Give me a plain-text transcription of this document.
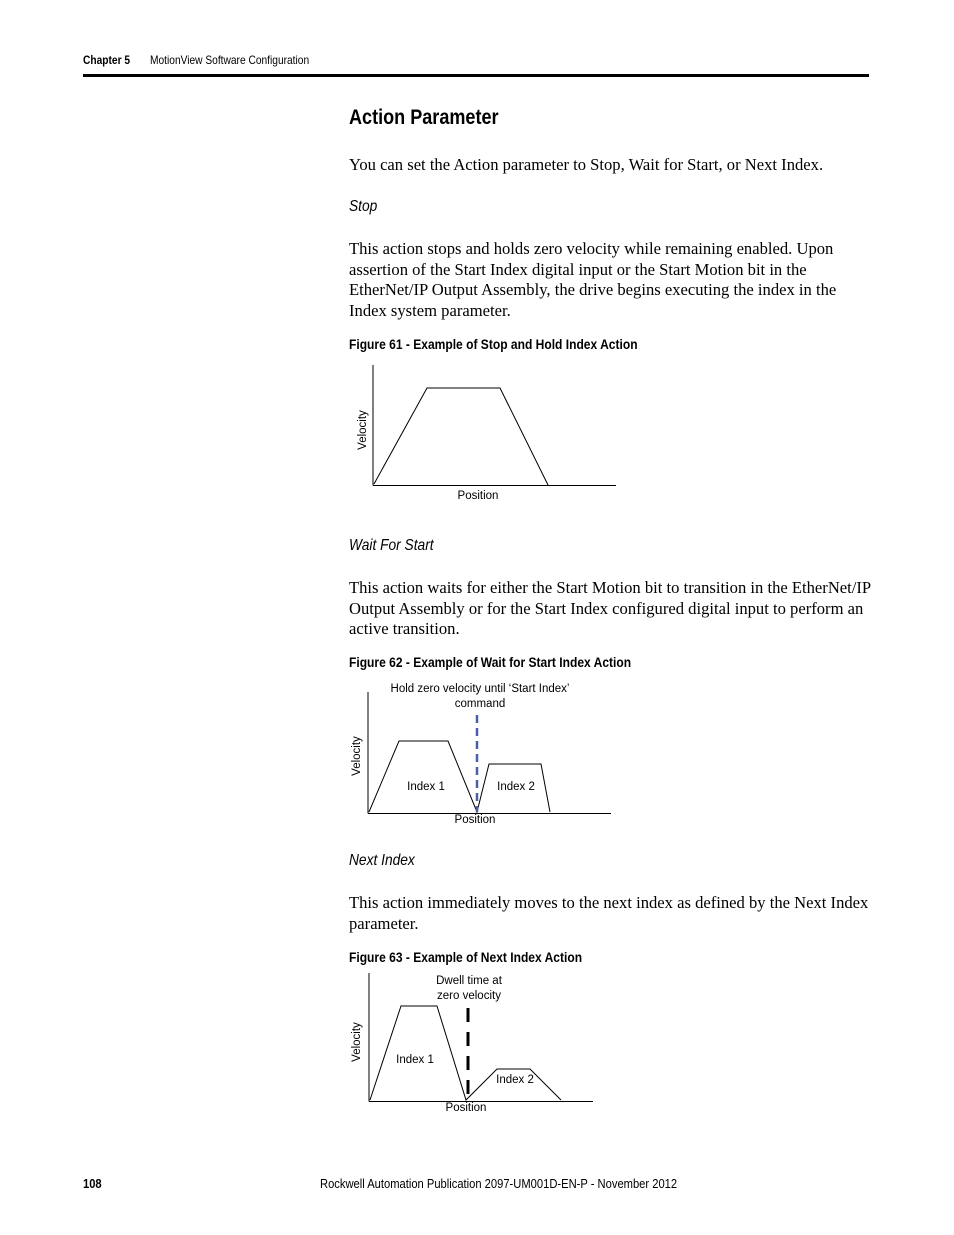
Chapter 5 MotionView Software Configuration
Action Parameter
You can set the Action parameter to Stop, Wait for Start, or Next Index.
Stop
This action stops and holds zero velocity while remaining enabled. Upon assertion of the Start Index digital input or the Start Motion bit in the EtherNet/IP Output Assembly, the drive begins executing the index in the Index system parameter.
Figure 61 - Example of Stop and Hold Index Action
Velocity
Position
Wait For Start
This action waits for either the Start Motion bit to transition in the EtherNet/IP Output Assembly or for the Start Index configured digital input to perform an active transition.
Figure 62 - Example of Wait for Start Index Action
Hold zero velocity until ‘Start Index’
command
Velocity
Index 1	Index 2
Position
Next Index
This action immediately moves to the next index as defined by the Next Index parameter.
Figure 63 - Example of Next Index Action
Dwell time at
zero velocity
Velocity	Index 1
Index 2
Position
108	Rockwell Automation Publication 2097-UM001D-EN-P - November 2012
